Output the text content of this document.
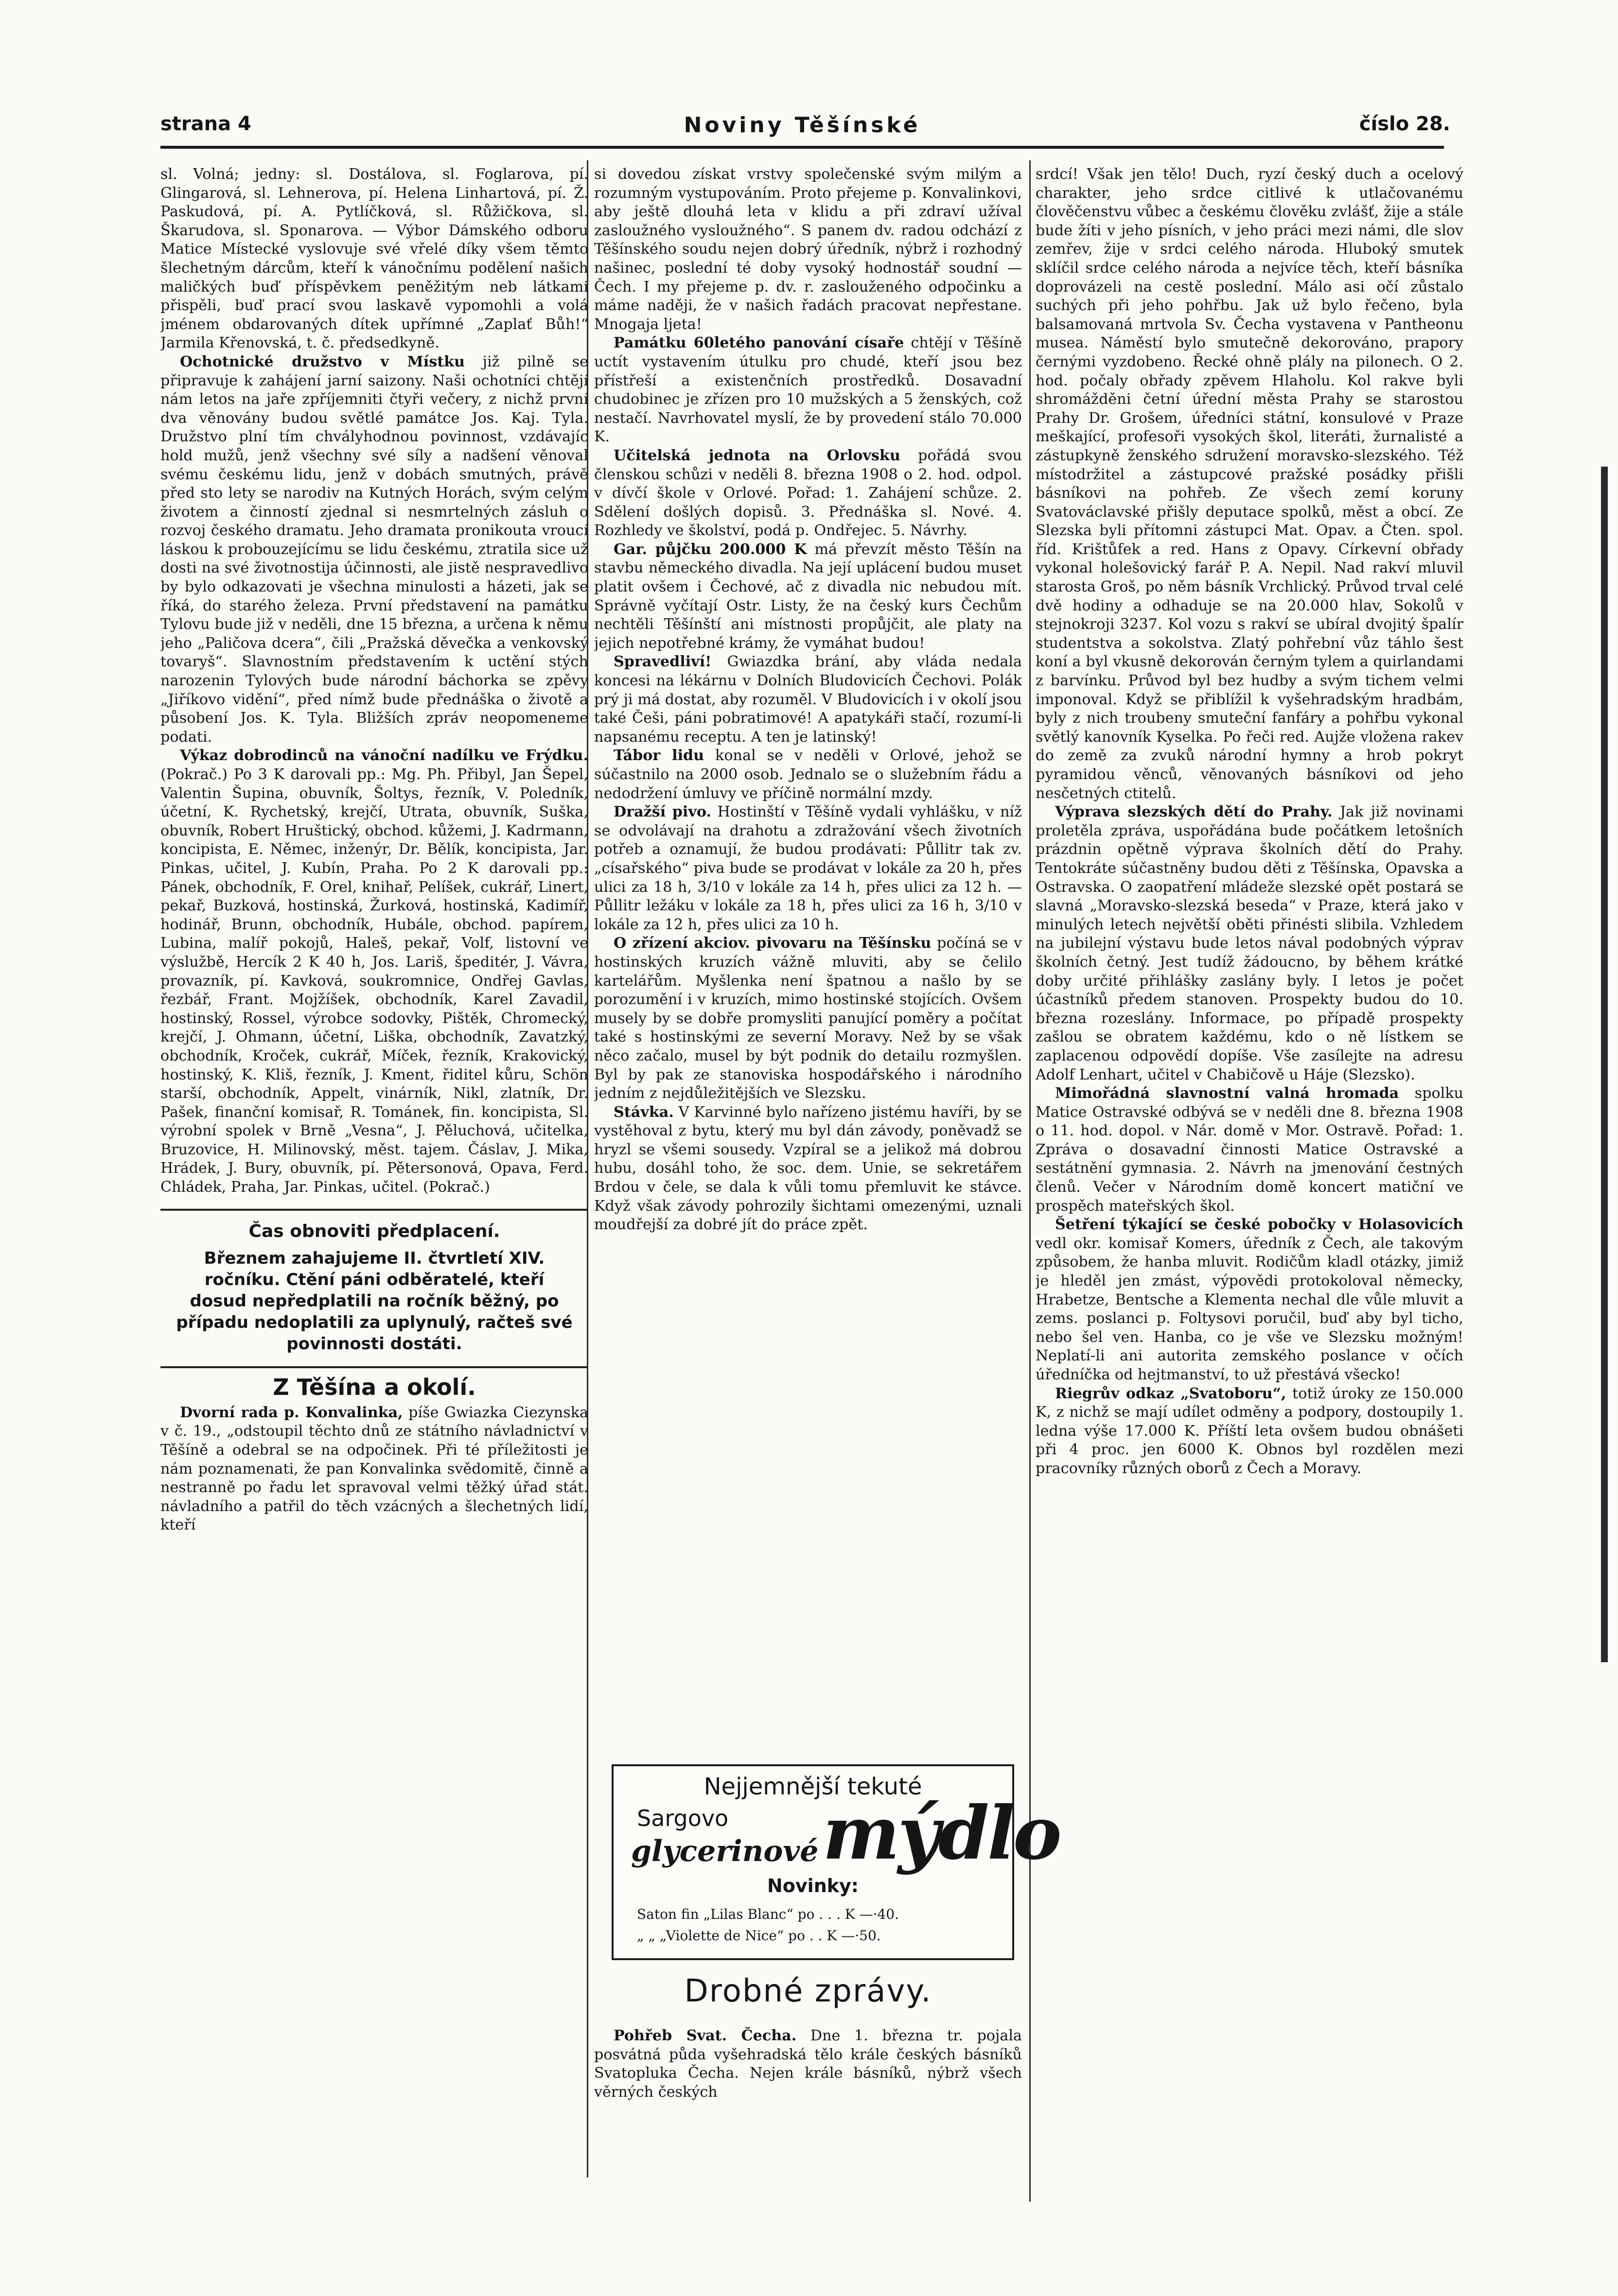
strana 4	Noviny Těšínské	číslo 28.

sl. Volná; jedny: sl. Dostálova, sl. Foglarova, pí. Glingarová, sl. Lehnerova, pí. Helena Linhartová, pí. Ž. Paskudová, pí. A. Pytlíčková, sl. Růžičkova, sl. Škarudova, sl. Sponarova. — Výbor Dámského odboru Matice Místecké vyslovuje své vřelé díky všem těmto šlechetným dárcům, kteří k vánočnímu podělení našich maličkých buď příspěvkem peněžitým neb látkami přispěli, buď prací svou laskavě vypomohli a volá jménem obdarovaných dítek upřímné „Zaplať Bůh!“ Jarmila Křenovská, t. č. předsedkyně.

Ochotnické družstvo v Místku již pilně se připravuje k zahájení jarní saizony. Naši ochotníci chtějí nám letos na jaře zpříjemniti čtyři večery, z nichž první dva věnovány budou světlé památce Jos. Kaj. Tyla. Družstvo plní tím chvályhodnou povinnost, vzdávajíc hold mužů, jenž všechny své síly a nadšení věnoval svému českému lidu, jenž v dobách smutných, právě před sto lety se narodiv na Kutných Horách, svým celým životem a činností zjednal si nesmrtelných zásluh o rozvoj českého dramatu. Jeho dramata pronikouta vroucí láskou k probouzejícímu se lidu českému, ztratila sice už dosti na své životnostija účinnosti, ale jistě nespravedlivo by bylo odkazovati je všechna minulosti a házeti, jak se říká, do starého železa. První představení na památku Tylovu bude již v neděli, dne 15 března, a určena k němu jeho „Paličova dcera“, čili „Pražská děvečka a venkovský tovaryš“. Slavnostním představením k uctění stých narozenin Tylových bude národní báchorka se zpěvy „Jiříkovo vidění“, před nímž bude přednáška o životě a působení Jos. K. Tyla. Bližších zpráv neopomeneme podati.

Výkaz dobrodinců na vánoční nadílku ve Frýdku. (Pokrač.) Po 3 K darovali pp.: Mg. Ph. Přibyl, Jan Šepel, Valentin Šupina, obuvník, Šoltys, řezník, V. Poledník, účetní, K. Rychetský, krejčí, Utrata, obuvník, Suška, obuvník, Robert Hruštický, obchod. kůžemi, J. Kadrmann, koncipista, E. Němec, inženýr, Dr. Bělík, koncipista, Jar. Pinkas, učitel, J. Kubín, Praha. Po 2 K darovali pp.: Pánek, obchodník, F. Orel, knihař, Pelíšek, cukrář, Linert, pekař, Buzková, hostinská, Žurková, hostinská, Kadimíř, hodinář, Brunn, obchodník, Hubále, obchod. papírem, Lubina, malíř pokojů, Haleš, pekař, Volf, listovní ve výslužbě, Hercík 2 K 40 h, Jos. Lariš, špeditér, J. Vávra, provazník, pí. Kavková, soukromnice, Ondřej Gavlas, řezbář, Frant. Mojžíšek, obchodník, Karel Zavadil, hostinský, Rossel, výrobce sodovky, Pištěk, Chromecký, krejčí, J. Ohmann, účetní, Liška, obchodník, Zavatzký, obchodník, Kroček, cukrář, Míček, řezník, Krakovický, hostinský, K. Kliš, řezník, J. Kment, řiditel kůru, Schön starší, obchodník, Appelt, vinárník, Nikl, zlatník, Dr. Pašek, finanční komisař, R. Tománek, fin. koncipista, Sl. výrobní spolek v Brně „Vesna“, J. Pěluchová, učitelka, Bruzovice, H. Milinovský, měst. tajem. Čáslav, J. Mika, Hrádek, J. Bury, obuvník, pí. Pětersonová, Opava, Ferd. Chládek, Praha, Jar. Pinkas, učitel. (Pokrač.)

Čas obnoviti předplacení.

Březnem zahajujeme II. čtvrtletí XIV. ročníku. Ctění páni odběratelé, kteří dosud nepředplatili na ročník běžný, po případu nedoplatili za uplynulý, račteš své povinnosti dostáti.

Z Těšína a okolí.

Dvorní rada p. Konvalinka, píše Gwiazka Ciezynska v č. 19., „odstoupil těchto dnů ze státního návladnictví v Těšíně a odebral se na odpočinek. Při té příležitosti je nám poznamenati, že pan Konvalinka svědomitě, činně a nestranně po řadu let spravoval velmi těžký úřad stát. návladního a patřil do těch vzácných a šlechetných lidí, kteří

si dovedou získat vrstvy společenské svým milým a rozumným vystupováním. Proto přejeme p. Konvalinkovi, aby ještě dlouhá leta v klidu a při zdraví užíval zasloužného vysloužného“. S panem dv. radou odchází z Těšínského soudu nejen dobrý úředník, nýbrž i rozhodný našinec, poslední té doby vysoký hodnostář soudní — Čech. I my přejeme p. dv. r. zaslouženého odpočinku a máme naději, že v našich řadách pracovat nepřestane. Mnogaja ljeta!

Památku 60letého panování císaře chtějí v Těšíně uctít vystavením útulku pro chudé, kteří jsou bez přístřeší a existenčních prostředků. Dosavadní chudobinec je zřízen pro 10 mužských a 5 ženských, což nestačí. Navrhovatel myslí, že by provedení stálo 70.000 K.

Učitelská jednota na Orlovsku pořádá svou členskou schůzi v neděli 8. března 1908 o 2. hod. odpol. v dívčí škole v Orlové. Pořad: 1. Zahájení schůze. 2. Sdělení došlých dopisů. 3. Přednáška sl. Nové. 4. Rozhledy ve školství, podá p. Ondřejec. 5. Návrhy.

Gar. půjčku 200.000 K má převzít město Těšín na stavbu německého divadla. Na její uplácení budou muset platit ovšem i Čechové, ač z divadla nic nebudou mít. Správně vyčítají Ostr. Listy, že na český kurs Čechům nechtěli Těšínští ani místnosti propůjčit, ale platy na jejich nepotřebné krámy, že vymáhat budou!

Spravedliví! Gwiazdka brání, aby vláda nedala koncesi na lékárnu v Dolních Bludovicích Čechovi. Polák prý ji má dostat, aby rozuměl. V Bludovicích i v okolí jsou také Češi, páni pobratimové! A apatykáři stačí, rozumí-li napsanému receptu. A ten je latinský!

Tábor lidu konal se v neděli v Orlové, jehož se súčastnilo na 2000 osob. Jednalo se o služebním řádu a nedodržení úmluvy ve příčině normální mzdy.

Dražší pivo. Hostinští v Těšíně vydali vyhlášku, v níž se odvolávají na drahotu a zdražování všech životních potřeb a oznamují, že budou prodávati: Půllitr tak zv. „císařského“ piva bude se prodávat v lokále za 20 h, přes ulici za 18 h, 3/10 v lokále za 14 h, přes ulici za 12 h. — Půllitr ležáku v lokále za 18 h, přes ulici za 16 h, 3/10 v lokále za 12 h, přes ulici za 10 h.

O zřízení akciov. pivovaru na Těšínsku počíná se v hostinských kruzích vážně mluviti, aby se čelilo kartelářům. Myšlenka není špatnou a našlo by se porozumění i v kruzích, mimo hostinské stojících. Ovšem musely by se dobře promysliti panující poměry a počítat také s hostinskými ze severní Moravy. Než by se však něco začalo, musel by být podnik do detailu rozmyšlen. Byl by pak ze stanoviska hospodářského i národního jedním z nejdůležitějších ve Slezsku.

Stávka. V Karvinné bylo nařízeno jistému havíři, by se vystěhoval z bytu, který mu byl dán závody, poněvadž se hryzl se všemi sousedy. Vzpíral se a jelikož má dobrou hubu, dosáhl toho, že soc. dem. Unie, se sekretářem Brdou v čele, se dala k vůli tomu přemluvit ke stávce. Když však závody pohrozily šichtami omezenými, uznali moudřejší za dobré jít do práce zpět.

Nejjemnější tekuté
Sargovo
glycerinové mýdlo
Novinky:
Saton fin „Lilas Blanc“ po . . . K —·40.
„ „ „Violette de Nice“ po . . K —·50.
Drobné zprávy.

Pohřeb Svat. Čecha. Dne 1. března tr. pojala posvátná půda vyšehradská tělo krále českých básníků Svatopluka Čecha. Nejen krále básníků, nýbrž všech věrných českých

srdcí! Však jen tělo! Duch, ryzí český duch a ocelový charakter, jeho srdce citlivé k utlačovanému člověčenstvu vůbec a českému člověku zvlášť, žije a stále bude žíti v jeho písních, v jeho práci mezi námi, dle slov zemřev, žije v srdci celého národa. Hluboký smutek sklíčil srdce celého národa a nejvíce těch, kteří básníka doprovázeli na cestě poslední. Málo asi očí zůstalo suchých při jeho pohřbu. Jak už bylo řečeno, byla balsamovaná mrtvola Sv. Čecha vystavena v Pantheonu musea. Náměstí bylo smutečně dekorováno, prapory černými vyzdobeno. Řecké ohně plály na pilonech. O 2. hod. počaly obřady zpěvem Hlaholu. Kol rakve byli shromážděni četní úřední města Prahy se starostou Prahy Dr. Grošem, úředníci státní, konsulové v Praze meškající, profesoři vysokých škol, literáti, žurnalisté a zástupkyně ženského sdružení moravsko-slezského. Též místodržitel a zástupcové pražské posádky přišli básníkovi na pohřeb. Ze všech zemí koruny Svatováclavské přišly deputace spolků, měst a obcí. Ze Slezska byli přítomni zástupci Mat. Opav. a Čten. spol. říd. Krištůfek a red. Hans z Opavy. Církevní obřady vykonal holešovický farář P. A. Nepil. Nad rakví mluvil starosta Groš, po něm básník Vrchlický. Průvod trval celé dvě hodiny a odhaduje se na 20.000 hlav, Sokolů v stejnokroji 3237. Kol vozu s rakví se ubíral dvojitý špalír studentstva a sokolstva. Zlatý pohřební vůz táhlo šest koní a byl vkusně dekorován černým tylem a quirlandami z barvínku. Průvod byl bez hudby a svým tichem velmi imponoval. Když se přiblížil k vyšehradským hradbám, byly z nich troubeny smuteční fanfáry a pohřbu vykonal světlý kanovník Kyselka. Po řeči red. Aujže vložena rakev do země za zvuků národní hymny a hrob pokryt pyramidou věnců, věnovaných básníkovi od jeho nesčetných ctitelů.

Výprava slezských dětí do Prahy. Jak již novinami proletěla zpráva, uspořádána bude počátkem letošních prázdnin opětně výprava školních dětí do Prahy. Tentokráte súčastněny budou děti z Těšínska, Opavska a Ostravska. O zaopatření mládeže slezské opět postará se slavná „Moravsko-slezská beseda“ v Praze, která jako v minulých letech největší oběti přinésti slibila. Vzhledem na jubilejní výstavu bude letos nával podobných výprav školních četný. Jest tudíž žádoucno, by během krátké doby určité přihlášky zaslány byly. I letos je počet účastníků předem stanoven. Prospekty budou do 10. března rozeslány. Informace, po případě prospekty zašlou se obratem každému, kdo o ně lístkem se zaplacenou odpovědí dopíše. Vše zasílejte na adresu Adolf Lenhart, učitel v Chabičově u Háje (Slezsko).

Mimořádná slavnostní valná hromada spolku Matice Ostravské odbývá se v neděli dne 8. března 1908 o 11. hod. dopol. v Nár. domě v Mor. Ostravě. Pořad: 1. Zpráva o dosavadní činnosti Matice Ostravské a sestátnění gymnasia. 2. Návrh na jmenování čestných členů. Večer v Národním domě koncert matiční ve prospěch mateřských škol.

Šetření týkající se české pobočky v Holasovicích vedl okr. komisař Komers, úředník z Čech, ale takovým způsobem, že hanba mluvit. Rodičům kladl otázky, jimiž je hleděl jen zmást, výpovědi protokoloval německy, Hrabetze, Bentsche a Klementa nechal dle vůle mluvit a zems. poslanci p. Foltysovi poručil, buď aby byl ticho, nebo šel ven. Hanba, co je vše ve Slezsku možným! Neplatí-li ani autorita zemského poslance v očích úředníčka od hejtmanství, to už přestává všecko!

Riegrův odkaz „Svatoboru“, totiž úroky ze 150.000 K, z nichž se mají udílet odměny a podpory, dostoupily 1. ledna výše 17.000 K. Příští leta ovšem budou obnášeti při 4 proc. jen 6000 K. Obnos byl rozdělen mezi pracovníky různých oborů z Čech a Moravy.
